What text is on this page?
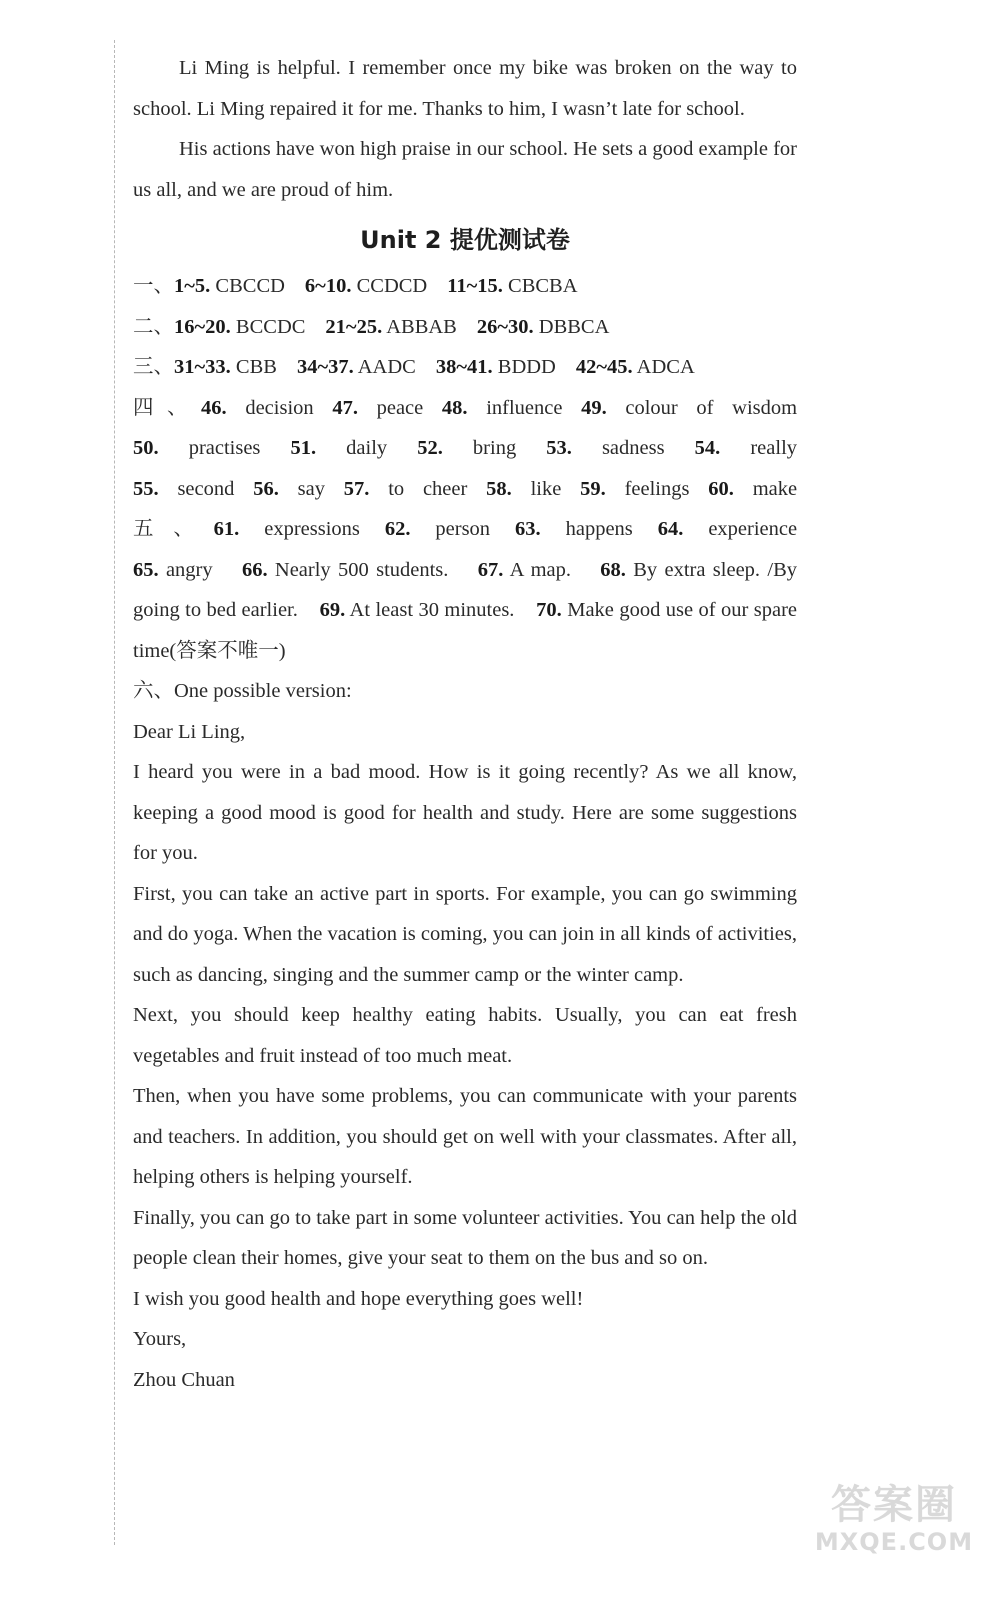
Li Ming is helpful. I remember once my bike was broken on the way to school. Li Ming repaired it for me. Thanks to him, I wasn’t late for school.

His actions have won high praise in our school. He sets a good example for us all, and we are proud of him.

Unit 2 提优测试卷

一、1~5. CBCCD 6~10. CCDCD 11~15. CBCBA

二、16~20. BCCDC 21~25. ABBAB 26~30. DBBCA

三、31~33. CBB 34~37. AADC 38~41. BDDD 42~45. ADCA

四、46. decision 47. peace 48. influence 49. colour of wisdom

50. practises 51. daily 52. bring 53. sadness 54. really

55. second 56. say 57. to cheer 58. like 59. feelings 60. make

五、61. expressions 62. person 63. happens 64. experience

65. angry 66. Nearly 500 students. 67. A map. 68. By extra sleep. /By going to bed earlier. 69. At least 30 minutes. 70. Make good use of our spare time(答案不唯一)

六、One possible version:

Dear Li Ling,

I heard you were in a bad mood. How is it going recently? As we all know, keeping a good mood is good for health and study. Here are some suggestions for you.

First, you can take an active part in sports. For example, you can go swimming and do yoga. When the vacation is coming, you can join in all kinds of activities, such as dancing, singing and the summer camp or the winter camp.

Next, you should keep healthy eating habits. Usually, you can eat fresh vegetables and fruit instead of too much meat.

Then, when you have some problems, you can communicate with your parents and teachers. In addition, you should get on well with your classmates. After all, helping others is helping yourself.

Finally, you can go to take part in some volunteer activities. You can help the old people clean their homes, give your seat to them on the bus and so on.

I wish you good health and hope everything goes well!

Yours,

Zhou Chuan

答案圈
MXQE.COM
